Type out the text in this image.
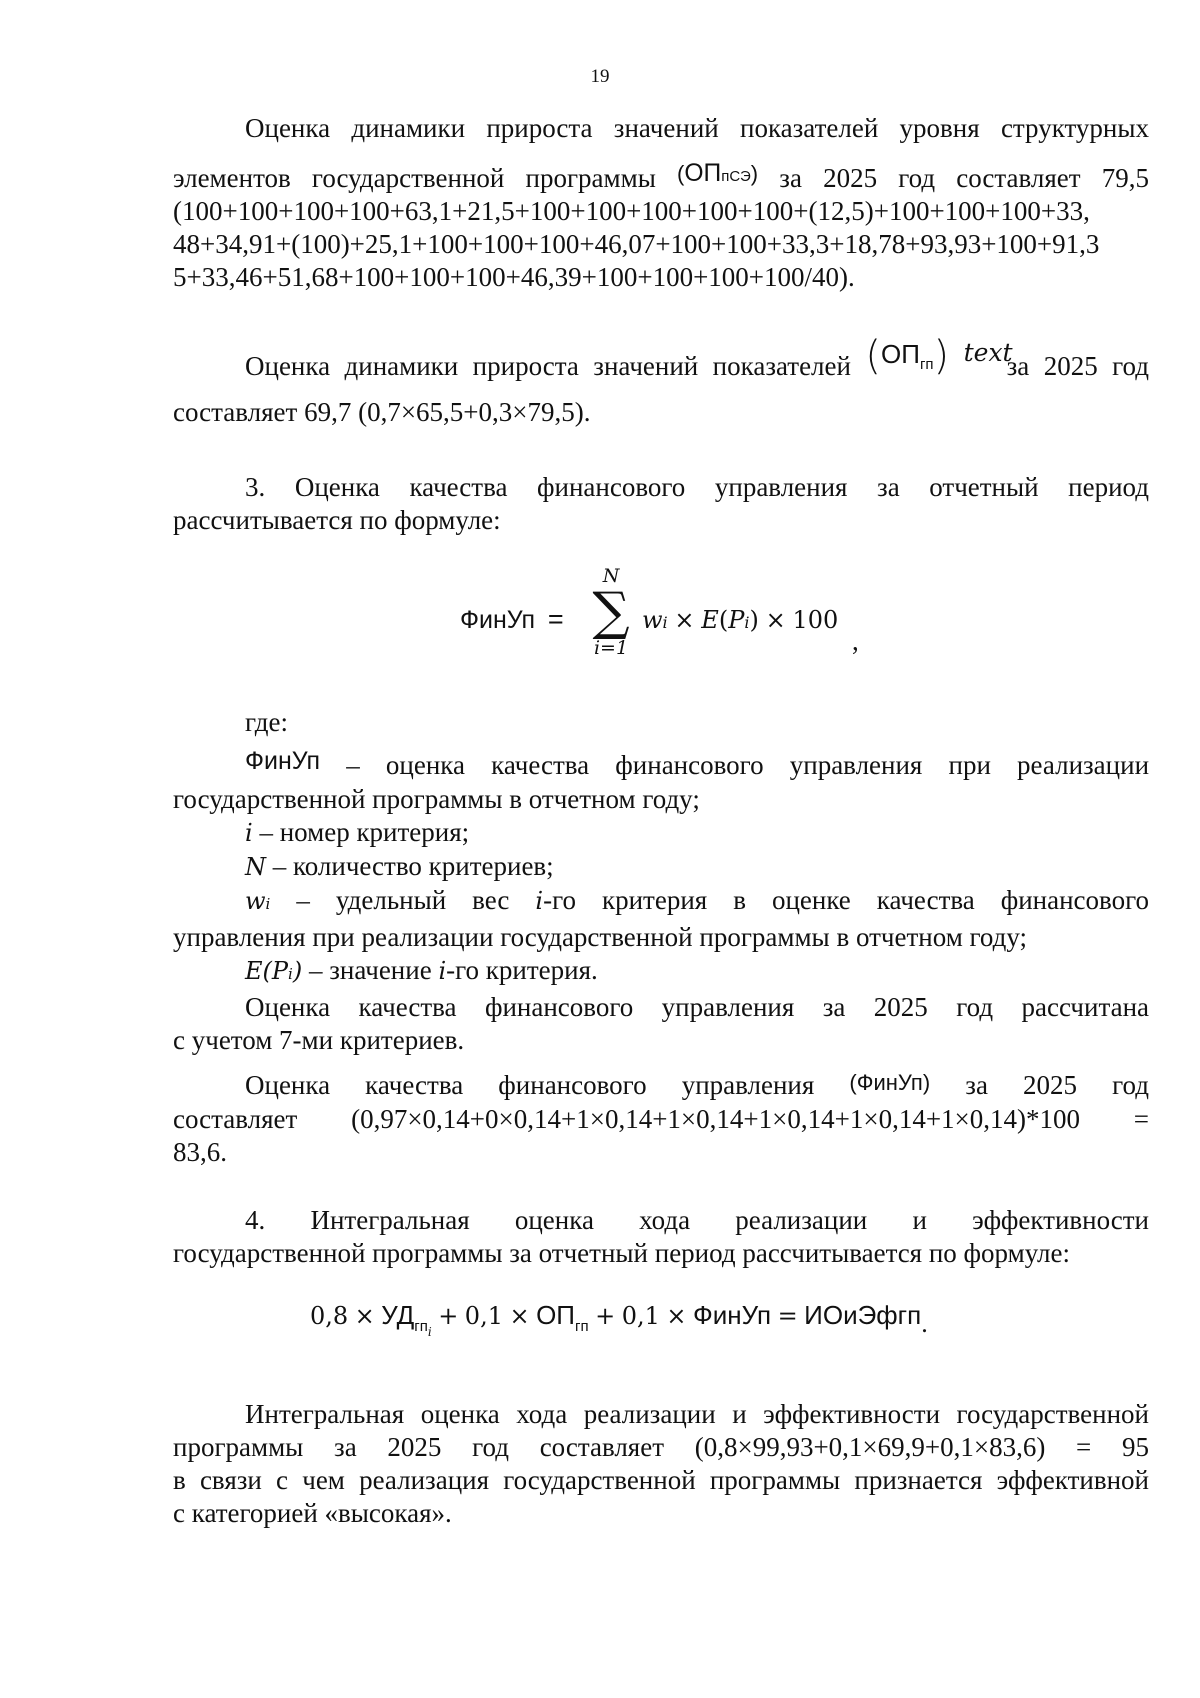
19
Оценка динамики прироста значений показателей уровня структурных
элементов государственной программы $^{(ОПпСЭ)}$ за 2025 год составляет 79,5
(100+100+100+100+63,1+21,5+100+100+100+100+100+(12,5)+100+100+100+33,
48+34,91+(100)+25,1+100+100+100+46,07+100+100+33,3+18,78+93,93+100+91,3
5+33,46+51,68+100+100+100+46,39+100+100+100+100/40).
Оценка динамики прироста значений показателей $(ОП_{гп})$ textза 2025 год
составляет 69,7 (0,7×65,5+0,3×79,5).
3. Оценка качества финансового управления за отчетный период
рассчитывается по формуле:
ФинУп =
N
∑
i=1
wi × E(Pi) × 100
,
где:
ФинУп – оценка качества финансового управления при реализации
государственной программы в отчетном году;
i – номер критерия;
N – количество критериев;
wi – удельный вес i-го критерия в оценке качества финансового
управления при реализации государственной программы в отчетном году;
E(Pi) – значение i-го критерия.
Оценка качества финансового управления за 2025 год рассчитана
с учетом 7-ми критериев.
Оценка качества финансового управления (ФинУп) за 2025 год
составляет (0,97×0,14+0×0,14+1×0,14+1×0,14+1×0,14+1×0,14+1×0,14)*100 =
83,6.
4. Интегральная оценка хода реализации и эффективности
государственной программы за отчетный период рассчитывается по формуле:
$0,8 \times УД_{гпi} + 0,1 \times ОП_{гп} + 0,1$ × ФинУп = ИОиЭфгп.
Интегральная оценка хода реализации и эффективности государственной
программы за 2025 год составляет (0,8×99,93+0,1×69,9+0,1×83,6) = 95
в связи с чем реализация государственной программы признается эффективной
с категорией «высокая».
